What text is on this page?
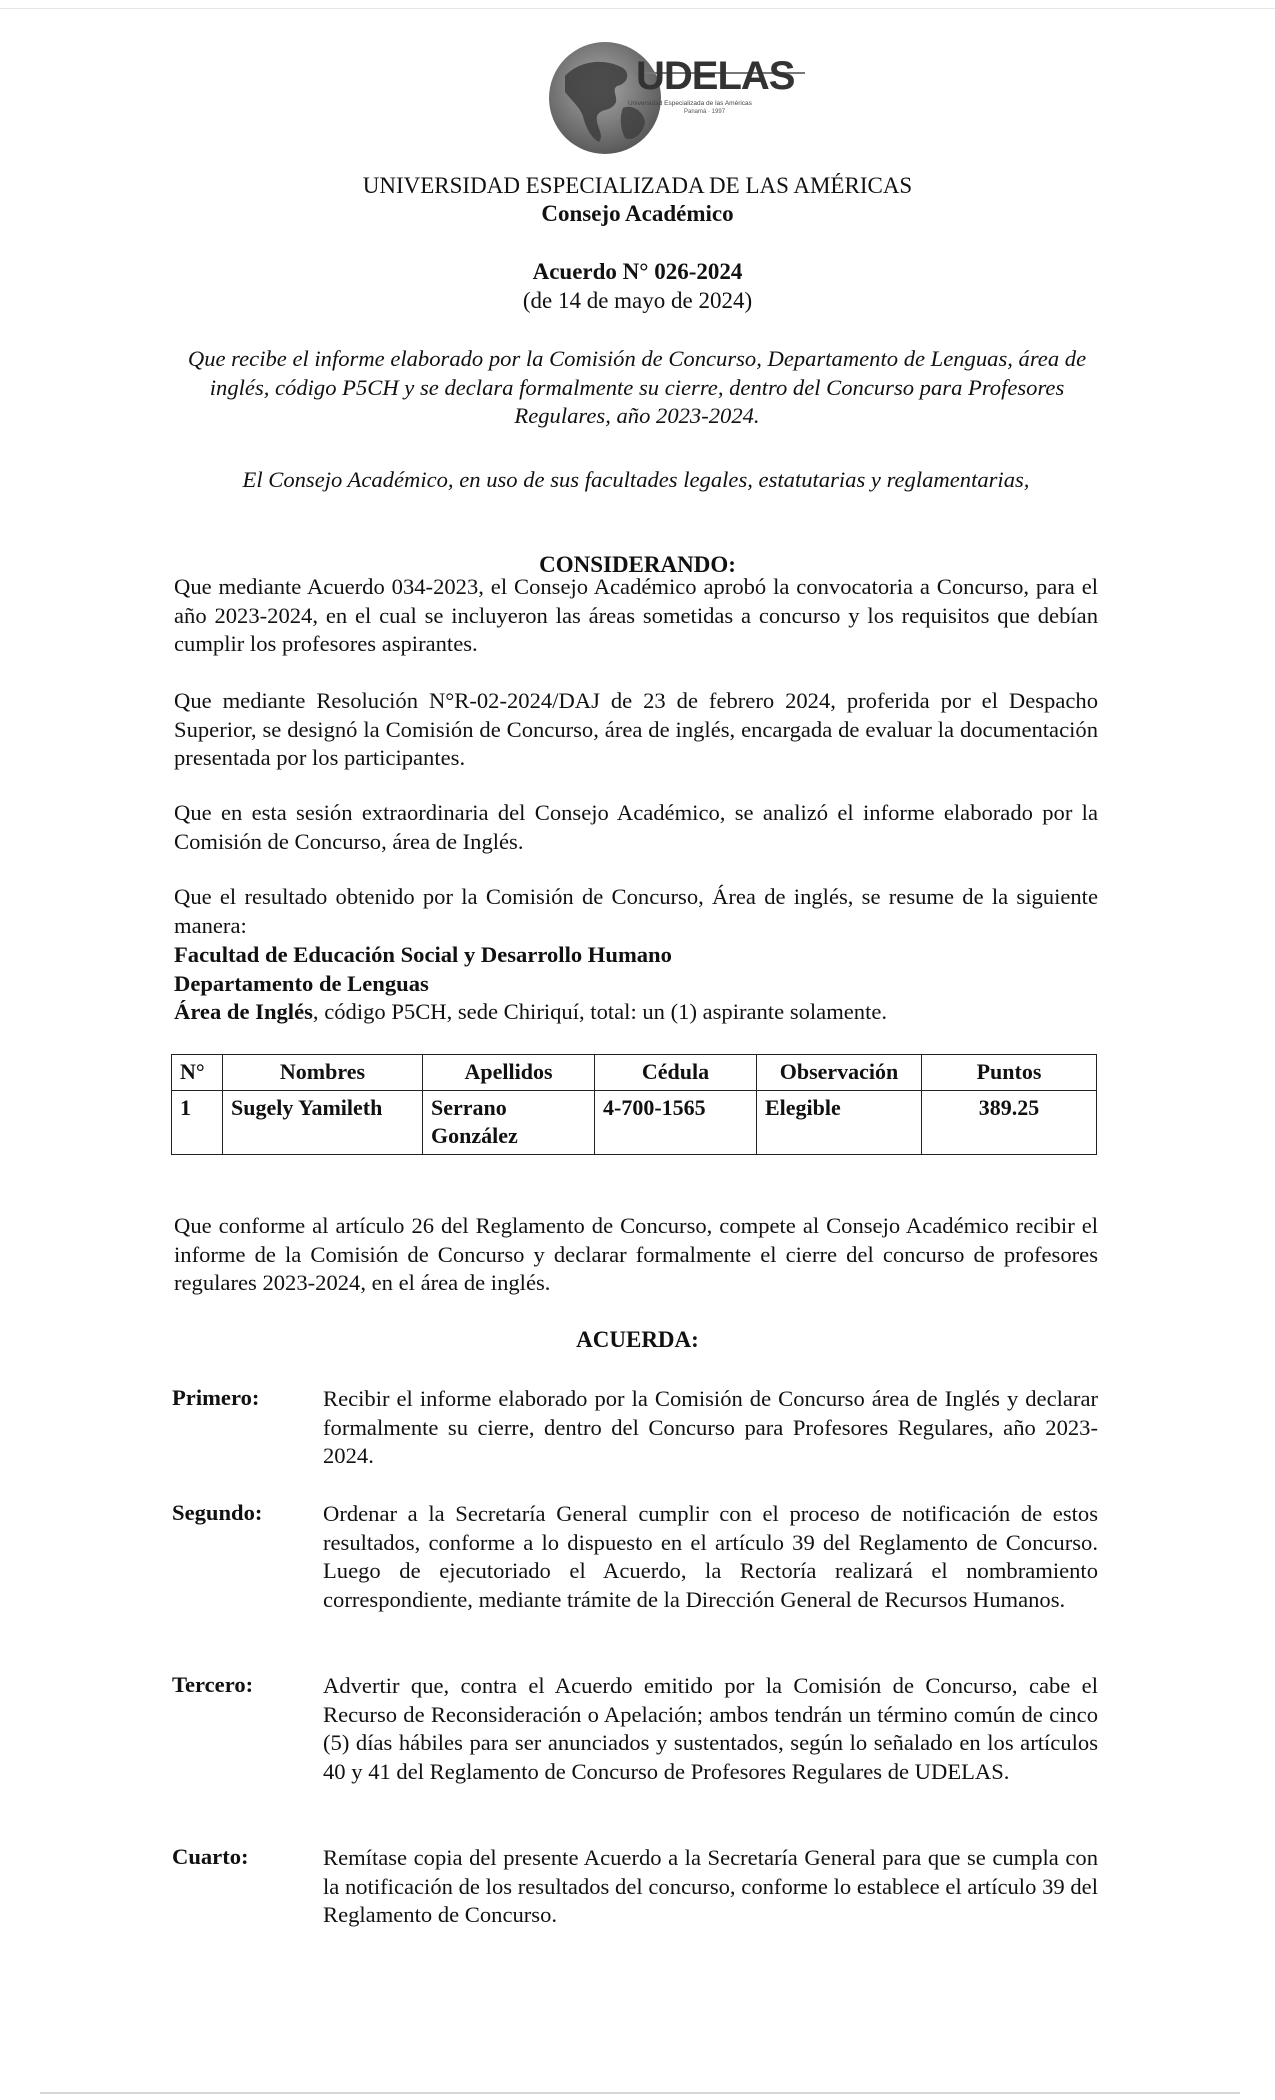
UDELAS
Universidad Especializada de las Américas
Panamá · 1997
UNIVERSIDAD ESPECIALIZADA DE LAS AMÉRICAS
Consejo Académico
Acuerdo N° 026-2024
(de 14 de mayo de 2024)
Que recibe el informe elaborado por la Comisión de Concurso, Departamento de Lenguas, área de inglés, código P5CH y se declara formalmente su cierre, dentro del Concurso para Profesores Regulares, año 2023-2024.
El Consejo Académico, en uso de sus facultades legales, estatutarias y reglamentarias,
CONSIDERANDO:
Que mediante Acuerdo 034-2023, el Consejo Académico aprobó la convocatoria a Concurso, para el año 2023-2024, en el cual se incluyeron las áreas sometidas a concurso y los requisitos que debían cumplir los profesores aspirantes.
Que mediante Resolución N°R-02-2024/DAJ de 23 de febrero 2024, proferida por el Despacho Superior, se designó la Comisión de Concurso, área de inglés, encargada de evaluar la documentación presentada por los participantes.
Que en esta sesión extraordinaria del Consejo Académico, se analizó el informe elaborado por la Comisión de Concurso, área de Inglés.
Que el resultado obtenido por la Comisión de Concurso, Área de inglés, se resume de la siguiente manera:
Facultad de Educación Social y Desarrollo Humano
Departamento de Lenguas
Área de Inglés, código P5CH, sede Chiriquí, total: un (1) aspirante solamente.
N°	Nombres	Apellidos	Cédula	Observación	Puntos
1	Sugely Yamileth	Serrano González	4-700-1565	Elegible	389.25
Que conforme al artículo 26 del Reglamento de Concurso, compete al Consejo Académico recibir el informe de la Comisión de Concurso y declarar formalmente el cierre del concurso de profesores regulares 2023-2024, en el área de inglés.
ACUERDA:
Primero:	Recibir el informe elaborado por la Comisión de Concurso área de Inglés y declarar formalmente su cierre, dentro del Concurso para Profesores Regulares, año 2023-2024.
Segundo:	Ordenar a la Secretaría General cumplir con el proceso de notificación de estos resultados, conforme a lo dispuesto en el artículo 39 del Reglamento de Concurso. Luego de ejecutoriado el Acuerdo, la Rectoría realizará el nombramiento correspondiente, mediante trámite de la Dirección General de Recursos Humanos.
Tercero:	Advertir que, contra el Acuerdo emitido por la Comisión de Concurso, cabe el Recurso de Reconsideración o Apelación; ambos tendrán un término común de cinco (5) días hábiles para ser anunciados y sustentados, según lo señalado en los artículos 40 y 41 del Reglamento de Concurso de Profesores Regulares de UDELAS.
Cuarto:	Remítase copia del presente Acuerdo a la Secretaría General para que se cumpla con la notificación de los resultados del concurso, conforme lo establece el artículo 39 del Reglamento de Concurso.
